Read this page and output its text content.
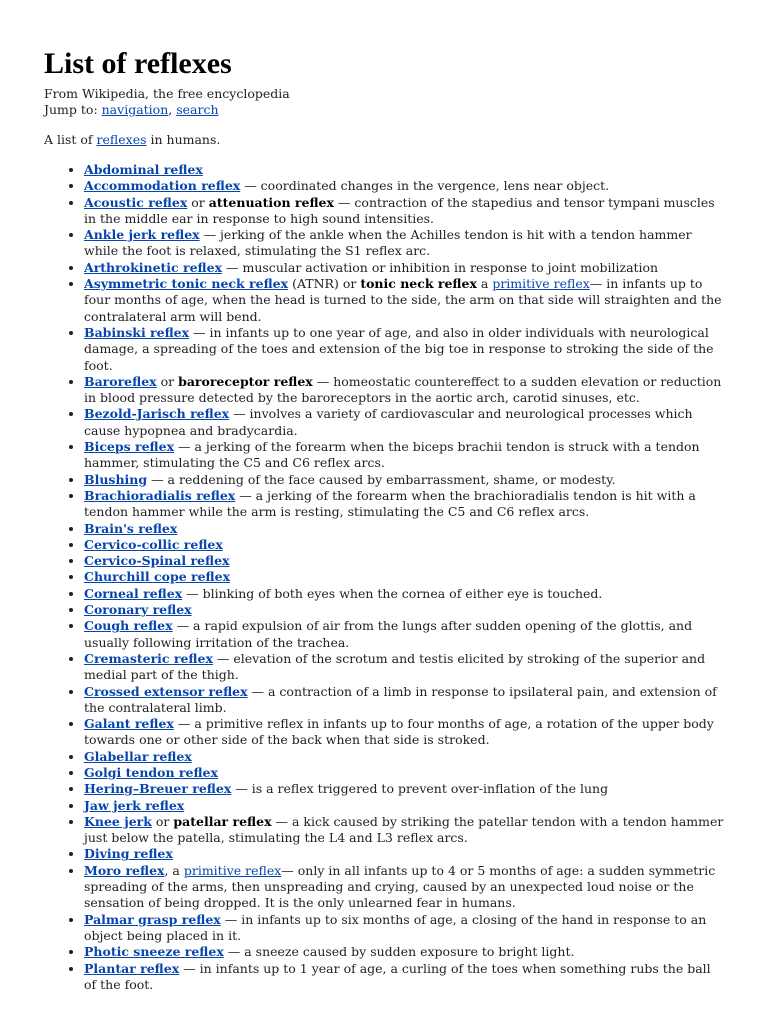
List of reflexes
From Wikipedia, the free encyclopedia
Jump to: navigation, search
A list of reflexes in humans.
• Abdominal reflex
• Accommodation reflex — coordinated changes in the vergence, lens near object.
• Acoustic reflex or attenuation reflex — contraction of the stapedius and tensor tympani muscles in the middle ear in response to high sound intensities.
• Ankle jerk reflex — jerking of the ankle when the Achilles tendon is hit with a tendon hammer while the foot is relaxed, stimulating the S1 reflex arc.
• Arthrokinetic reflex — muscular activation or inhibition in response to joint mobilization
• Asymmetric tonic neck reflex (ATNR) or tonic neck reflex a primitive reflex— in infants up to four months of age, when the head is turned to the side, the arm on that side will straighten and the contralateral arm will bend.
• Babinski reflex — in infants up to one year of age, and also in older individuals with neurological damage, a spreading of the toes and extension of the big toe in response to stroking the side of the foot.
• Baroreflex or baroreceptor reflex — homeostatic countereffect to a sudden elevation or reduction in blood pressure detected by the baroreceptors in the aortic arch, carotid sinuses, etc.
• Bezold-Jarisch reflex — involves a variety of cardiovascular and neurological processes which cause hypopnea and bradycardia.
• Biceps reflex — a jerking of the forearm when the biceps brachii tendon is struck with a tendon hammer, stimulating the C5 and C6 reflex arcs.
• Blushing — a reddening of the face caused by embarrassment, shame, or modesty.
• Brachioradialis reflex — a jerking of the forearm when the brachioradialis tendon is hit with a tendon hammer while the arm is resting, stimulating the C5 and C6 reflex arcs.
• Brain's reflex
• Cervico-collic reflex
• Cervico-Spinal reflex
• Churchill cope reflex
• Corneal reflex — blinking of both eyes when the cornea of either eye is touched.
• Coronary reflex
• Cough reflex — a rapid expulsion of air from the lungs after sudden opening of the glottis, and usually following irritation of the trachea.
• Cremasteric reflex — elevation of the scrotum and testis elicited by stroking of the superior and medial part of the thigh.
• Crossed extensor reflex — a contraction of a limb in response to ipsilateral pain, and extension of the contralateral limb.
• Galant reflex — a primitive reflex in infants up to four months of age, a rotation of the upper body towards one or other side of the back when that side is stroked.
• Glabellar reflex
• Golgi tendon reflex
• Hering–Breuer reflex — is a reflex triggered to prevent over-inflation of the lung
• Jaw jerk reflex
• Knee jerk or patellar reflex — a kick caused by striking the patellar tendon with a tendon hammer just below the patella, stimulating the L4 and L3 reflex arcs.
• Diving reflex
• Moro reflex, a primitive reflex— only in all infants up to 4 or 5 months of age: a sudden symmetric spreading of the arms, then unspreading and crying, caused by an unexpected loud noise or the sensation of being dropped. It is the only unlearned fear in humans.
• Palmar grasp reflex — in infants up to six months of age, a closing of the hand in response to an object being placed in it.
• Photic sneeze reflex — a sneeze caused by sudden exposure to bright light.
• Plantar reflex — in infants up to 1 year of age, a curling of the toes when something rubs the ball of the foot.
